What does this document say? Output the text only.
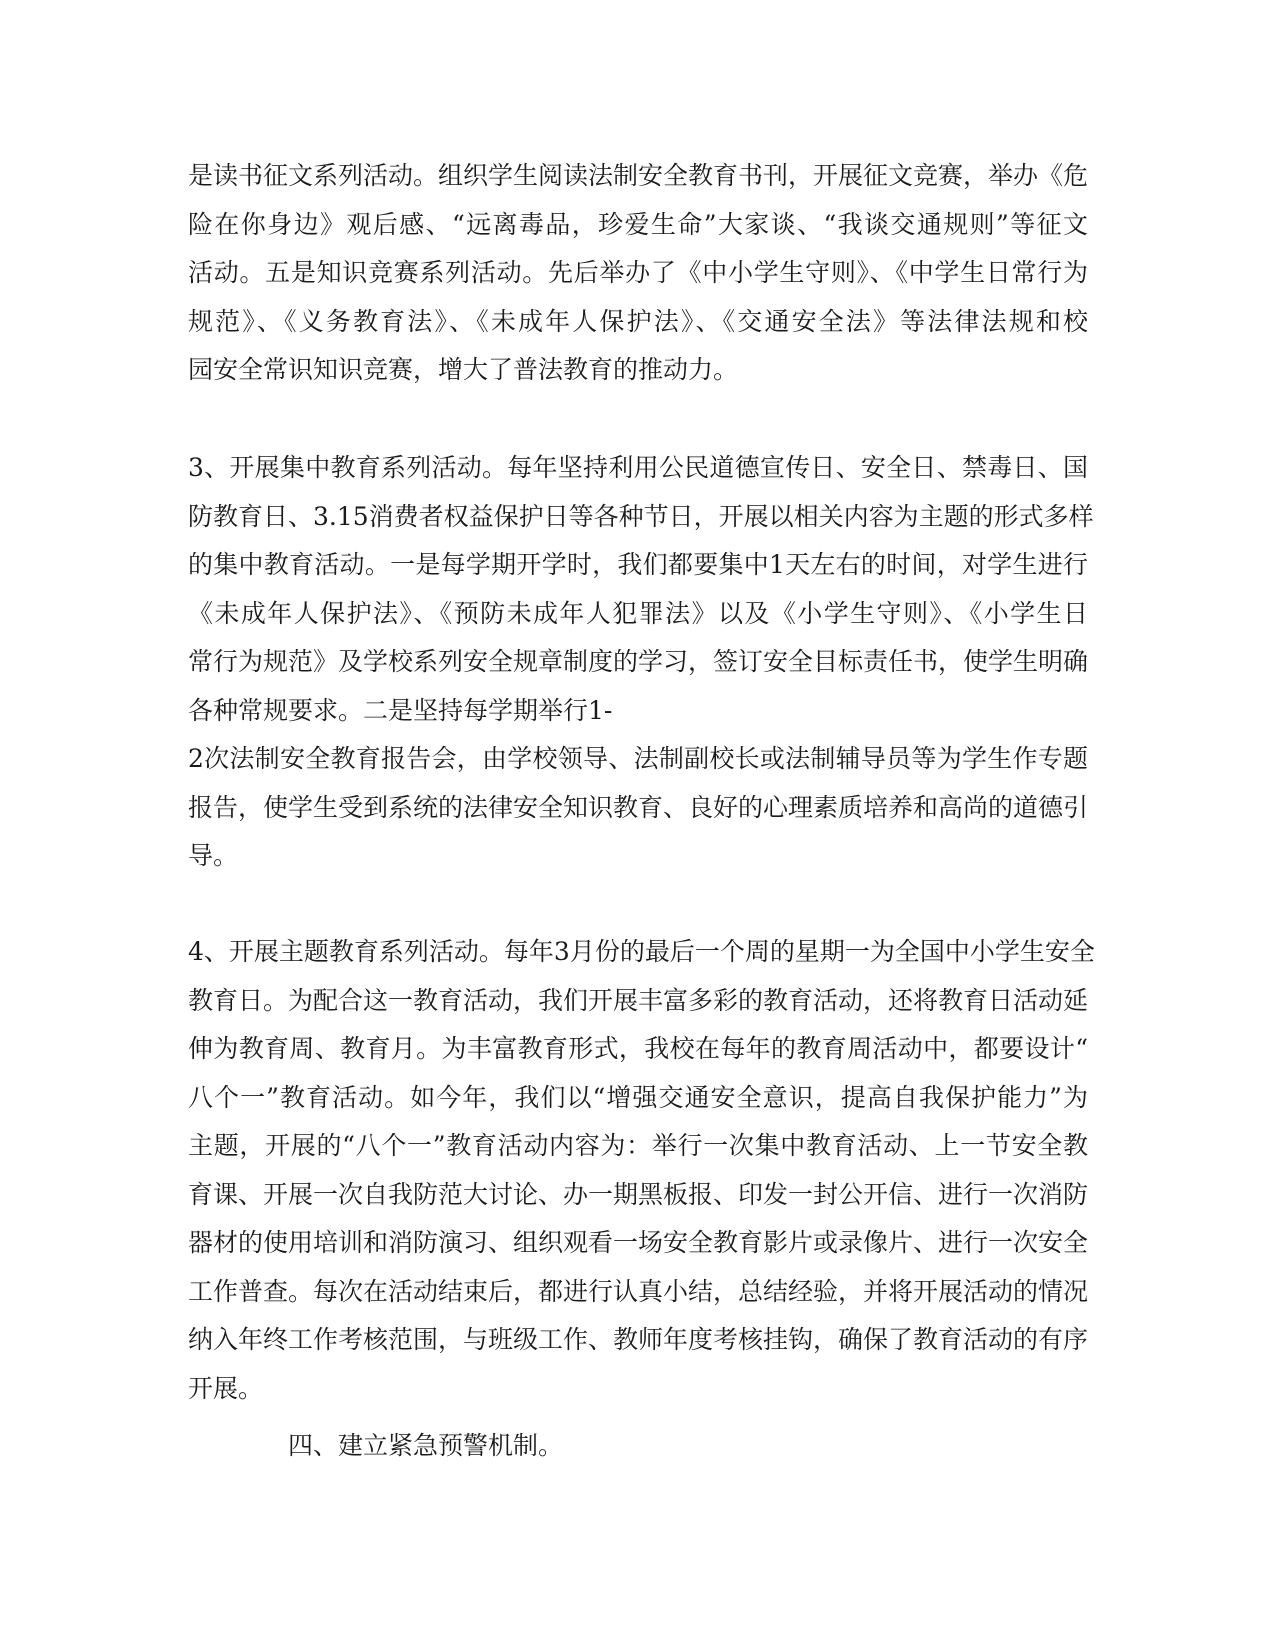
是读书征文系列活动。组织学生阅读法制安全教育书刊，开展征文竞赛，举办《危
险在你身边》观后感、“远离毒品，珍爱生命”大家谈、“我谈交通规则”等征文
活动。五是知识竞赛系列活动。先后举办了《中小学生守则》、《中学生日常行为
规范》、《义务教育法》、《未成年人保护法》、《交通安全法》等法律法规和校
园安全常识知识竞赛，增大了普法教育的推动力。

3、开展集中教育系列活动。每年坚持利用公民道德宣传日、安全日、禁毒日、国
防教育日、3.15消费者权益保护日等各种节日，开展以相关内容为主题的形式多样
的集中教育活动。一是每学期开学时，我们都要集中1天左右的时间，对学生进行
《未成年人保护法》、《预防未成年人犯罪法》以及《小学生守则》、《小学生日
常行为规范》及学校系列安全规章制度的学习，签订安全目标责任书，使学生明确
各种常规要求。二是坚持每学期举行1-
2次法制安全教育报告会，由学校领导、法制副校长或法制辅导员等为学生作专题
报告，使学生受到系统的法律安全知识教育、良好的心理素质培养和高尚的道德引
导。

4、开展主题教育系列活动。每年3月份的最后一个周的星期一为全国中小学生安全
教育日。为配合这一教育活动，我们开展丰富多彩的教育活动，还将教育日活动延
伸为教育周、教育月。为丰富教育形式，我校在每年的教育周活动中，都要设计“
八个一”教育活动。如今年，我们以“增强交通安全意识，提高自我保护能力”为
主题，开展的“八个一”教育活动内容为：举行一次集中教育活动、上一节安全教
育课、开展一次自我防范大讨论、办一期黑板报、印发一封公开信、进行一次消防
器材的使用培训和消防演习、组织观看一场安全教育影片或录像片、进行一次安全
工作普查。每次在活动结束后，都进行认真小结，总结经验，并将开展活动的情况
纳入年终工作考核范围，与班级工作、教师年度考核挂钩，确保了教育活动的有序
开展。

四、建立紧急预警机制。
